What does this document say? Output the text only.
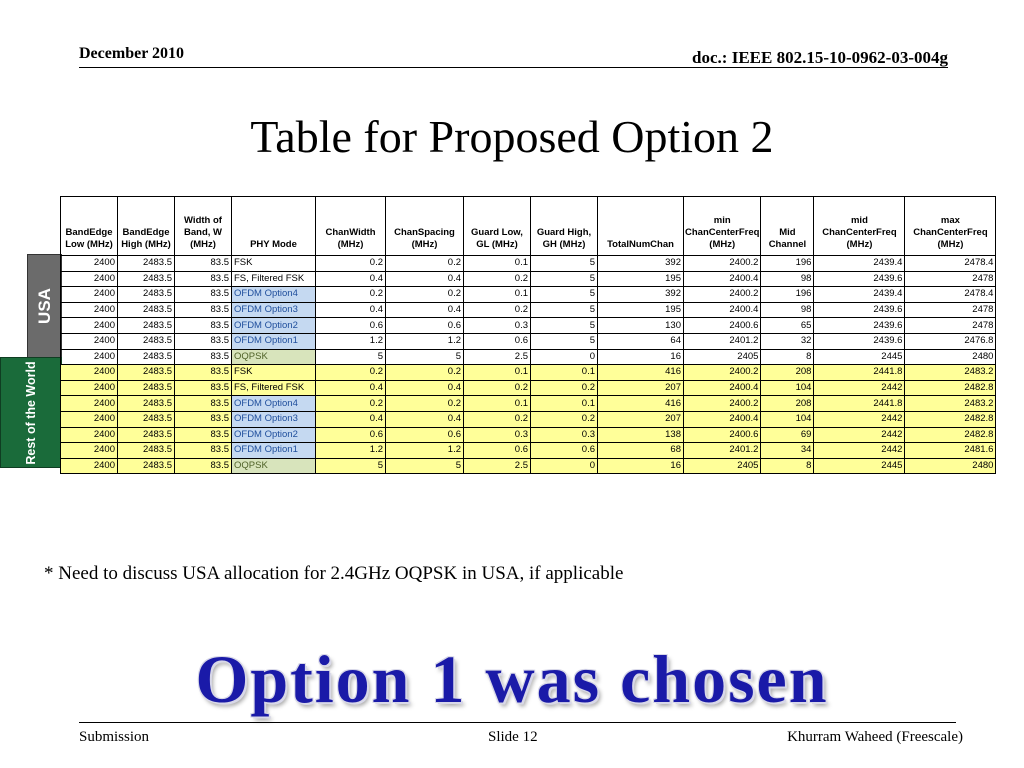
December 2010	doc.: IEEE 802.15-10-0962-03-004g
Table for Proposed Option 2
USA
Rest of the World
BandEdge Low (MHz)	BandEdge High (MHz)	Width of Band, W (MHz)	PHY Mode	ChanWidth (MHz)	ChanSpacing (MHz)	Guard Low, GL (MHz)	Guard High, GH (MHz)	TotalNumChan	min ChanCenterFreq (MHz)	Mid Channel	mid ChanCenterFreq (MHz)	max ChanCenterFreq (MHz)
2400	2483.5	83.5	FSK	0.2	0.2	0.1	5	392	2400.2	196	2439.4	2478.4
2400	2483.5	83.5	FS, Filtered FSK	0.4	0.4	0.2	5	195	2400.4	98	2439.6	2478
2400	2483.5	83.5	OFDM Option4	0.2	0.2	0.1	5	392	2400.2	196	2439.4	2478.4
2400	2483.5	83.5	OFDM Option3	0.4	0.4	0.2	5	195	2400.4	98	2439.6	2478
2400	2483.5	83.5	OFDM Option2	0.6	0.6	0.3	5	130	2400.6	65	2439.6	2478
2400	2483.5	83.5	OFDM Option1	1.2	1.2	0.6	5	64	2401.2	32	2439.6	2476.8
2400	2483.5	83.5	OQPSK	5	5	2.5	0	16	2405	8	2445	2480
2400	2483.5	83.5	FSK	0.2	0.2	0.1	0.1	416	2400.2	208	2441.8	2483.2
2400	2483.5	83.5	FS, Filtered FSK	0.4	0.4	0.2	0.2	207	2400.4	104	2442	2482.8
2400	2483.5	83.5	OFDM Option4	0.2	0.2	0.1	0.1	416	2400.2	208	2441.8	2483.2
2400	2483.5	83.5	OFDM Option3	0.4	0.4	0.2	0.2	207	2400.4	104	2442	2482.8
2400	2483.5	83.5	OFDM Option2	0.6	0.6	0.3	0.3	138	2400.6	69	2442	2482.8
2400	2483.5	83.5	OFDM Option1	1.2	1.2	0.6	0.6	68	2401.2	34	2442	2481.6
2400	2483.5	83.5	OQPSK	5	5	2.5	0	16	2405	8	2445	2480
* Need to discuss USA allocation for 2.4GHz OQPSK in USA, if applicable
Option 1 was chosen
Submission	Slide 12	Khurram Waheed (Freescale)
